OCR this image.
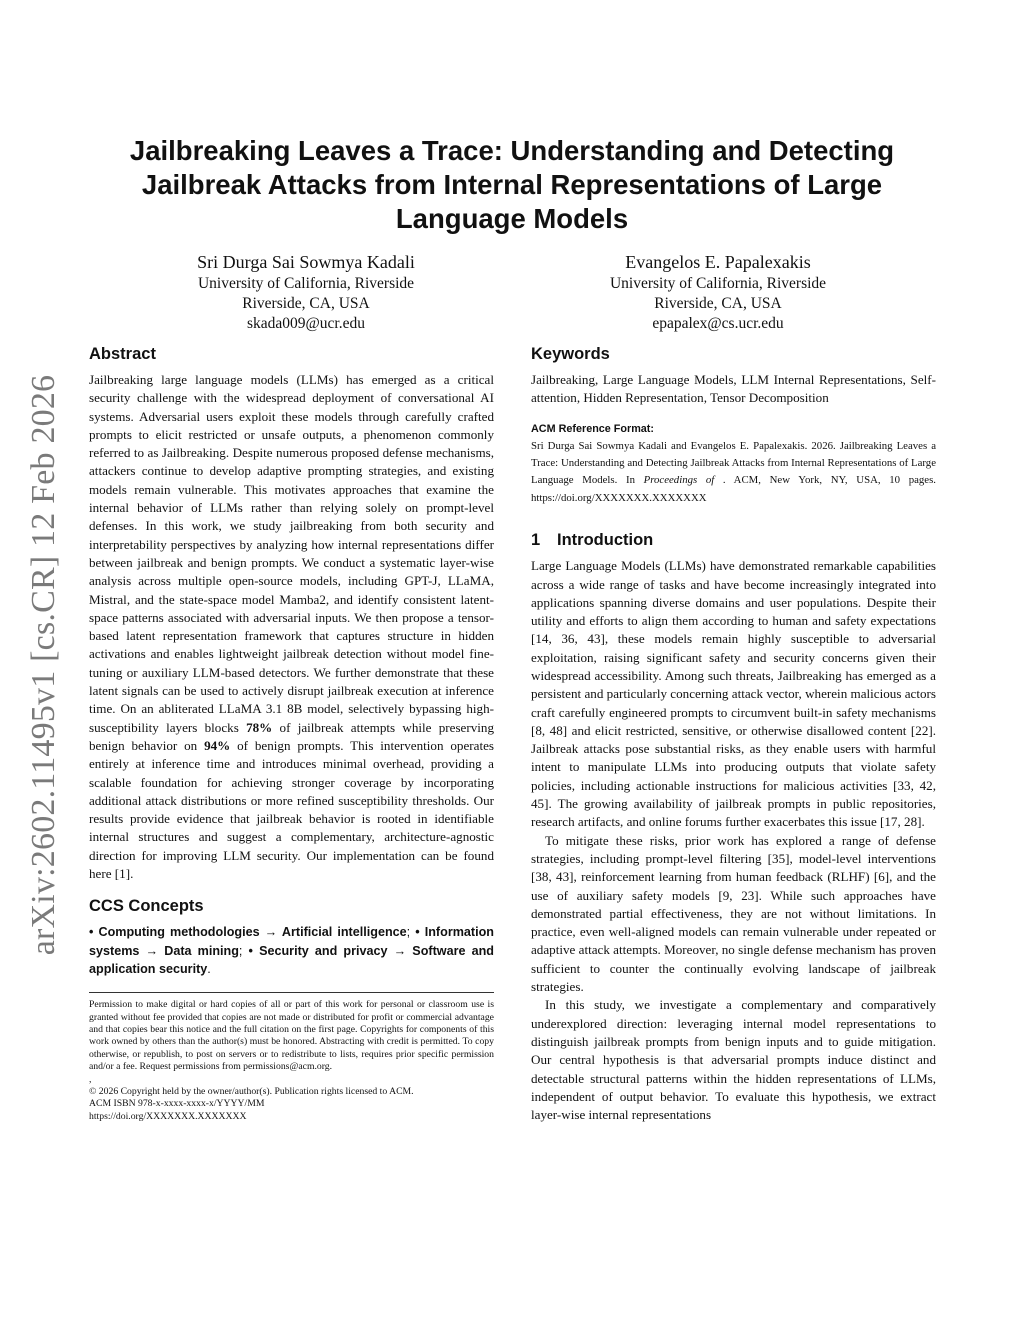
arXiv:2602.11495v1 [cs.CR] 12 Feb 2026
Jailbreaking Leaves a Trace: Understanding and Detecting Jailbreak Attacks from Internal Representations of Large Language Models
Sri Durga Sai Sowmya Kadali
University of California, Riverside
Riverside, CA, USA
skada009@ucr.edu
Evangelos E. Papalexakis
University of California, Riverside
Riverside, CA, USA
epapalex@cs.ucr.edu
Abstract

Jailbreaking large language models (LLMs) has emerged as a critical security challenge with the widespread deployment of conversational AI systems. Adversarial users exploit these models through carefully crafted prompts to elicit restricted or unsafe outputs, a phenomenon commonly referred to as Jailbreaking. Despite numerous proposed defense mechanisms, attackers continue to develop adaptive prompting strategies, and existing models remain vulnerable. This motivates approaches that examine the internal behavior of LLMs rather than relying solely on prompt-level defenses. In this work, we study jailbreaking from both security and interpretability perspectives by analyzing how internal representations differ between jailbreak and benign prompts. We conduct a systematic layer-wise analysis across multiple open-source models, including GPT-J, LLaMA, Mistral, and the state-space model Mamba2, and identify consistent latent-space patterns associated with adversarial inputs. We then propose a tensor-based latent representation framework that captures structure in hidden activations and enables lightweight jailbreak detection without model fine-tuning or auxiliary LLM-based detectors. We further demonstrate that these latent signals can be used to actively disrupt jailbreak execution at inference time. On an abliterated LLaMA 3.1 8B model, selectively bypassing high-susceptibility layers blocks 78% of jailbreak attempts while preserving benign behavior on 94% of benign prompts. This intervention operates entirely at inference time and introduces minimal overhead, providing a scalable foundation for achieving stronger coverage by incorporating additional attack distributions or more refined susceptibility thresholds. Our results provide evidence that jailbreak behavior is rooted in identifiable internal structures and suggest a complementary, architecture-agnostic direction for improving LLM security. Our implementation can be found here [1].

CCS Concepts

• Computing methodologies → Artificial intelligence; • Information systems → Data mining; • Security and privacy → Software and application security.

Permission to make digital or hard copies of all or part of this work for personal or classroom use is granted without fee provided that copies are not made or distributed for profit or commercial advantage and that copies bear this notice and the full citation on the first page. Copyrights for components of this work owned by others than the author(s) must be honored. Abstracting with credit is permitted. To copy otherwise, or republish, to post on servers or to redistribute to lists, requires prior specific permission and/or a fee. Request permissions from permissions@acm.org.

,

© 2026 Copyright held by the owner/author(s). Publication rights licensed to ACM.

ACM ISBN 978-x-xxxx-xxxx-x/YYYY/MM

https://doi.org/XXXXXXX.XXXXXXX

Keywords

Jailbreaking, Large Language Models, LLM Internal Representations, Self-attention, Hidden Representation, Tensor Decomposition

ACM Reference Format:

Sri Durga Sai Sowmya Kadali and Evangelos E. Papalexakis. 2026. Jailbreaking Leaves a Trace: Understanding and Detecting Jailbreak Attacks from Internal Representations of Large Language Models. In Proceedings of . ACM, New York, NY, USA, 10 pages. https://doi.org/XXXXXXX.XXXXXXX

1 Introduction

Large Language Models (LLMs) have demonstrated remarkable capabilities across a wide range of tasks and have become increasingly integrated into applications spanning diverse domains and user populations. Despite their utility and efforts to align them according to human and safety expectations [14, 36, 43], these models remain highly susceptible to adversarial exploitation, raising significant safety and security concerns given their widespread accessibility. Among such threats, Jailbreaking has emerged as a persistent and particularly concerning attack vector, wherein malicious actors craft carefully engineered prompts to circumvent built-in safety mechanisms [8, 48] and elicit restricted, sensitive, or otherwise disallowed content [22]. Jailbreak attacks pose substantial risks, as they enable users with harmful intent to manipulate LLMs into producing outputs that violate safety policies, including actionable instructions for malicious activities [33, 42, 45]. The growing availability of jailbreak prompts in public repositories, research artifacts, and online forums further exacerbates this issue [17, 28].

To mitigate these risks, prior work has explored a range of defense strategies, including prompt-level filtering [35], model-level interventions [38, 43], reinforcement learning from human feedback (RLHF) [6], and the use of auxiliary safety models [9, 23]. While such approaches have demonstrated partial effectiveness, they are not without limitations. In practice, even well-aligned models can remain vulnerable under repeated or adaptive attack attempts. Moreover, no single defense mechanism has proven sufficient to counter the continually evolving landscape of jailbreak strategies.

In this study, we investigate a complementary and comparatively underexplored direction: leveraging internal model representations to distinguish jailbreak prompts from benign inputs and to guide mitigation. Our central hypothesis is that adversarial prompts induce distinct and detectable structural patterns within the hidden representations of LLMs, independent of output behavior. To evaluate this hypothesis, we extract layer-wise internal representations
